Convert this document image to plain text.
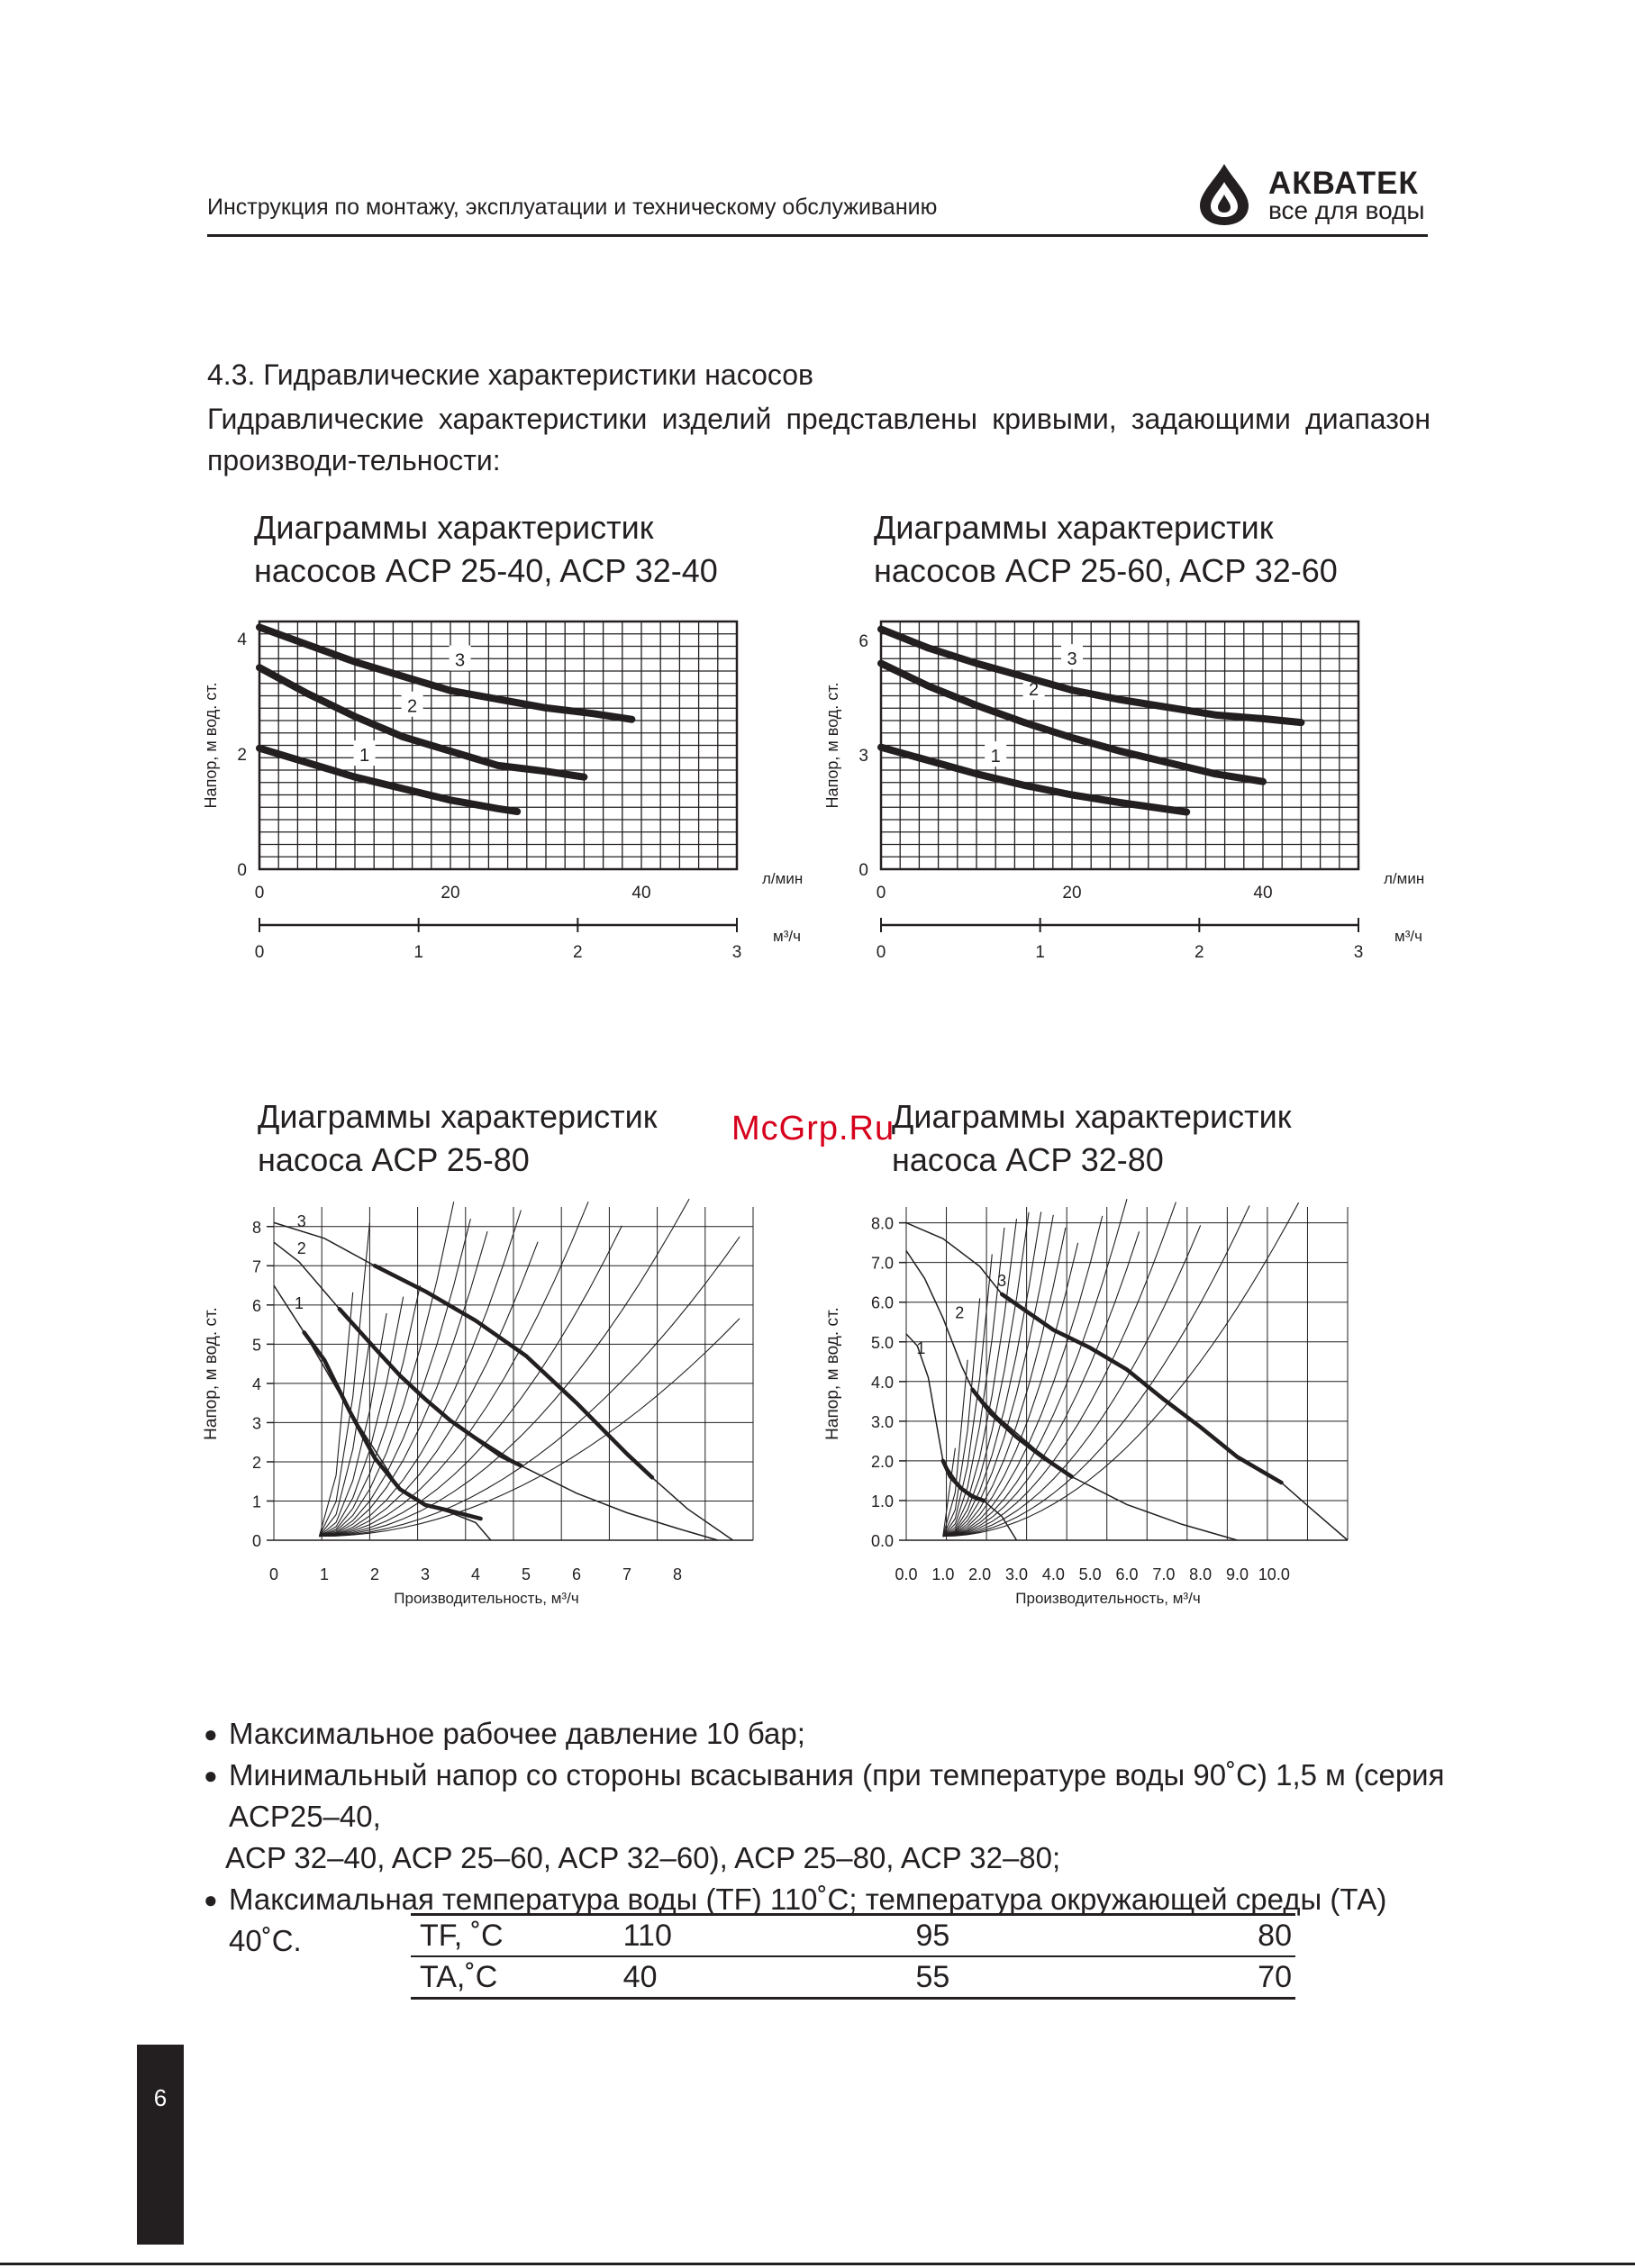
Инструкция по монтажу, эксплуатации и техническому обслуживанию
АКВАТЕК
все для воды
4.3. Гидравлические характеристики насосов
Гидравлические характеристики изделий представлены кривыми, задающими диапазон производи-тельности:
Диаграммы характеристик
насосов ACP 25-40, ACP 32-40
Диаграммы характеристик
насосов ACP 25-60, ACP 32-60
Диаграммы характеристик
насоса ACP 25-80
Диаграммы характеристик
насоса ACP 32-80
0
2
4
0	20	40
л/мин
0	1	2	3
м³/ч
Напор, м вод. ст.	1
2
3
0
3
6
0	20	40
л/мин
0	1	2	3
м³/ч
Напор, м вод. ст.	1
2
3
0
1
2
3
4
5
6
7
8
0	1	2	3	4	5	6	7	8
Производительность, м³/ч
Напор, м вод. ст.
1
2
3
0.0
1.0
2.0
3.0
4.0
5.0
6.0
7.0
8.0
0.0 1.0 2.0 3.0 4.0 5.0 6.0 7.0 8.0 9.0 10.0
Производительность, м³/ч
Напор, м вод. ст.	1
2
3
McGrp.Ru
● Максимальное рабочее давление 10 бар;
● Минимальный напор со стороны всасывания (при температуре воды 90˚С) 1,5 м (серия ACP25–40,
ACP 32–40, ACP 25–60, ACP 32–60), ACP 25–80, ACP 32–80;
● Максимальная температура воды (TF) 110˚С; температура окружающей среды (ТА) 40˚С.	TF, ˚C	110	95	80
TA,˚C	40	55	70
6
